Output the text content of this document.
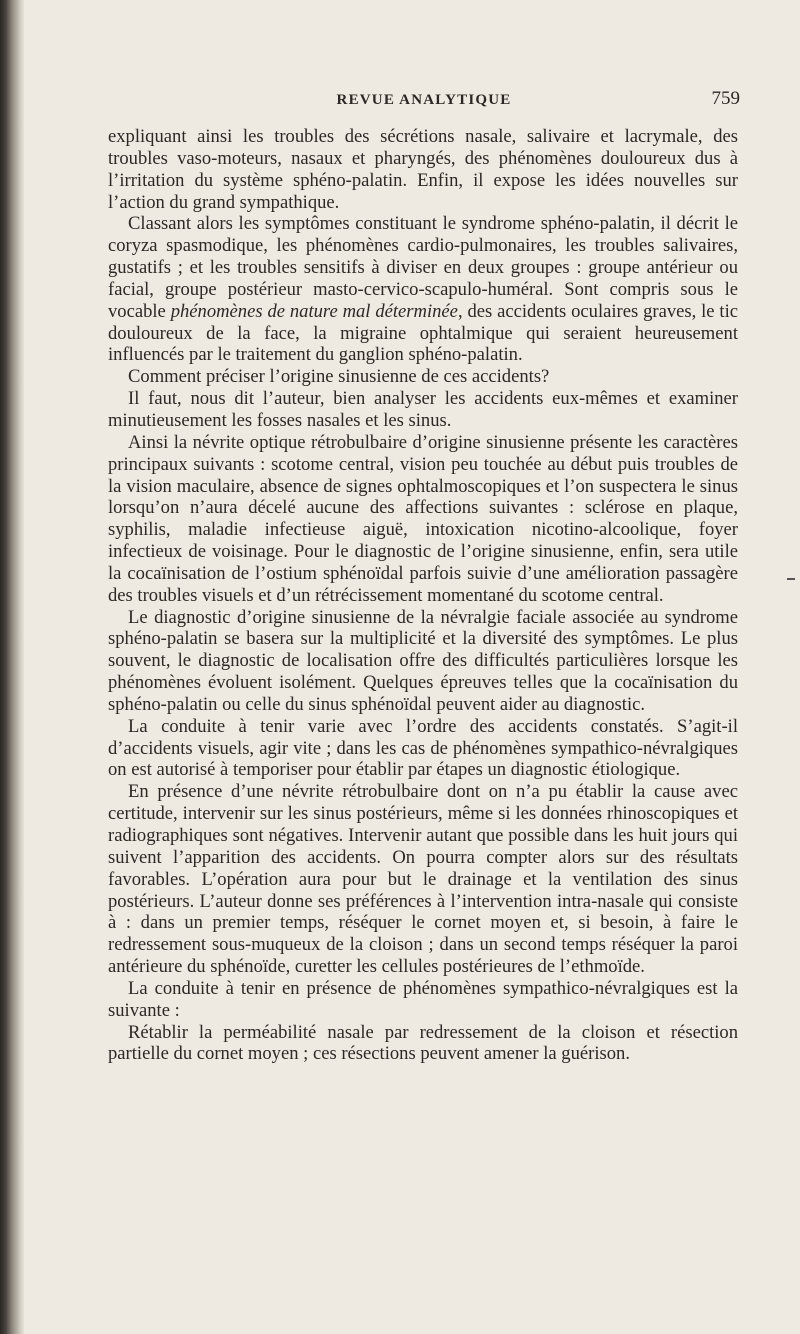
REVUE ANALYTIQUE	759

expliquant ainsi les troubles des sécrétions nasale, salivaire et lacrymale, des troubles vaso-moteurs, nasaux et pharyngés, des phénomènes douloureux dus à l’irritation du système sphéno-palatin. Enfin, il expose les idées nouvelles sur l’action du grand sympathique.

Classant alors les symptômes constituant le syndrome sphéno-palatin, il décrit le coryza spasmodique, les phénomènes cardio-pulmonaires, les troubles salivaires, gustatifs ; et les troubles sensitifs à diviser en deux groupes : groupe antérieur ou facial, groupe postérieur masto-cervico-scapulo-huméral. Sont compris sous le vocable phénomènes de nature mal déterminée, des accidents oculaires graves, le tic douloureux de la face, la migraine ophtalmique qui seraient heureusement influencés par le traitement du ganglion sphéno-palatin.

Comment préciser l’origine sinusienne de ces accidents?

Il faut, nous dit l’auteur, bien analyser les accidents eux-mêmes et examiner minutieusement les fosses nasales et les sinus.

Ainsi la névrite optique rétrobulbaire d’origine sinusienne présente les caractères principaux suivants : scotome central, vision peu touchée au début puis troubles de la vision maculaire, absence de signes ophtalmoscopiques et l’on suspectera le sinus lorsqu’on n’aura décelé aucune des affections suivantes : sclérose en plaque, syphilis, maladie infectieuse aiguë, intoxication nicotino-alcoolique, foyer infectieux de voisinage. Pour le diagnostic de l’origine sinusienne, enfin, sera utile la cocaïnisation de l’ostium sphénoïdal parfois suivie d’une amélioration passagère des troubles visuels et d’un rétrécissement momentané du scotome central.

Le diagnostic d’origine sinusienne de la névralgie faciale associée au syndrome sphéno-palatin se basera sur la multiplicité et la diversité des symptômes. Le plus souvent, le diagnostic de localisation offre des difficultés particulières lorsque les phénomènes évoluent isolément. Quelques épreuves telles que la cocaïnisation du sphéno-palatin ou celle du sinus sphénoïdal peuvent aider au diagnostic.

La conduite à tenir varie avec l’ordre des accidents constatés. S’agit-il d’accidents visuels, agir vite ; dans les cas de phénomènes sympathico-névralgiques on est autorisé à temporiser pour établir par étapes un diagnostic étiologique.

En présence d’une névrite rétrobulbaire dont on n’a pu établir la cause avec certitude, intervenir sur les sinus postérieurs, même si les données rhinoscopiques et radiographiques sont négatives. Intervenir autant que possible dans les huit jours qui suivent l’apparition des accidents. On pourra compter alors sur des résultats favorables. L’opération aura pour but le drainage et la ventilation des sinus postérieurs. L’auteur donne ses préférences à l’intervention intra-nasale qui consiste à : dans un premier temps, réséquer le cornet moyen et, si besoin, à faire le redressement sous-muqueux de la cloison ; dans un second temps réséquer la paroi antérieure du sphénoïde, curetter les cellules postérieures de l’ethmoïde.

La conduite à tenir en présence de phénomènes sympathico-névralgiques est la suivante :

Rétablir la perméabilité nasale par redressement de la cloison et résection partielle du cornet moyen ; ces résections peuvent amener la guérison.
